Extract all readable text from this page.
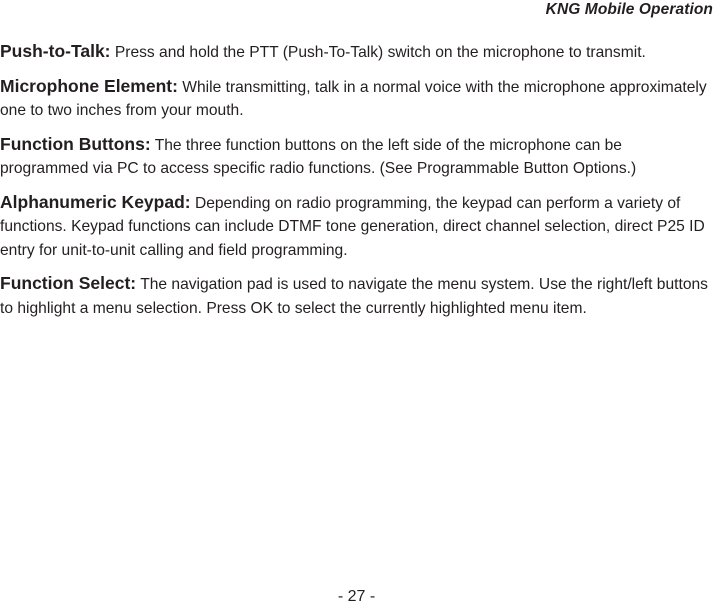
KNG Mobile Operation

Push-to-Talk: Press and hold the PTT (Push-To-Talk) switch on the microphone to transmit.

Microphone Element: While transmitting, talk in a normal voice with the microphone approximately one to two inches from your mouth.

Function Buttons: The three function buttons on the left side of the microphone can be programmed via PC to access specific radio functions. (See Programmable Button Options.)

Alphanumeric Keypad: Depending on radio programming, the keypad can perform a variety of functions. Keypad functions can include DTMF tone generation, direct channel selection, direct P25 ID entry for unit-to-unit calling and field programming.

Function Select: The navigation pad is used to navigate the menu system. Use the right/left buttons to highlight a menu selection. Press OK to select the currently highlighted menu item.

- 27 -
